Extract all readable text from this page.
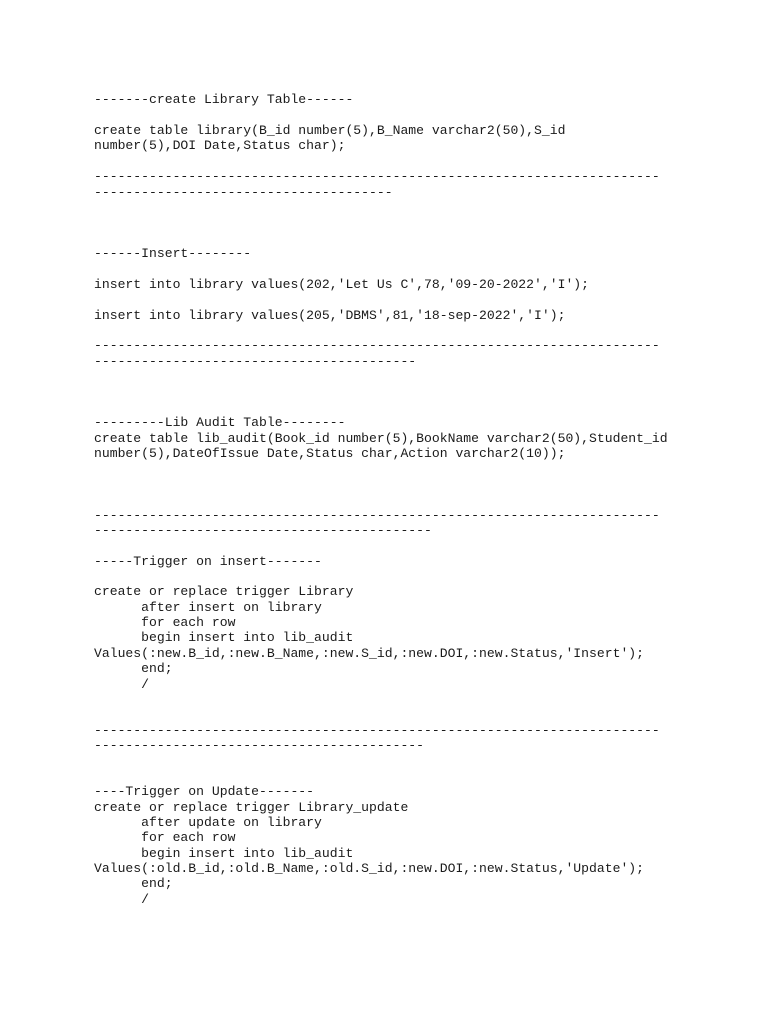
-------create Library Table------

create table library(B_id number(5),B_Name varchar2(50),S_id

number(5),DOI Date,Status char);

------------------------------------------------------------------------

--------------------------------------

------Insert--------

insert into library values(202,'Let Us C',78,'09-20-2022','I');

insert into library values(205,'DBMS',81,'18-sep-2022','I');

------------------------------------------------------------------------

-----------------------------------------

---------Lib Audit Table--------

create table lib_audit(Book_id number(5),BookName varchar2(50),Student_id

number(5),DateOfIssue Date,Status char,Action varchar2(10));

------------------------------------------------------------------------

-------------------------------------------

-----Trigger on insert-------

create or replace trigger Library

after insert on library

for each row

begin insert into lib_audit

Values(:new.B_id,:new.B_Name,:new.S_id,:new.DOI,:new.Status,'Insert');

end;

/

------------------------------------------------------------------------

------------------------------------------

----Trigger on Update-------

create or replace trigger Library_update

after update on library

for each row

begin insert into lib_audit

Values(:old.B_id,:old.B_Name,:old.S_id,:new.DOI,:new.Status,'Update');

end;

/
